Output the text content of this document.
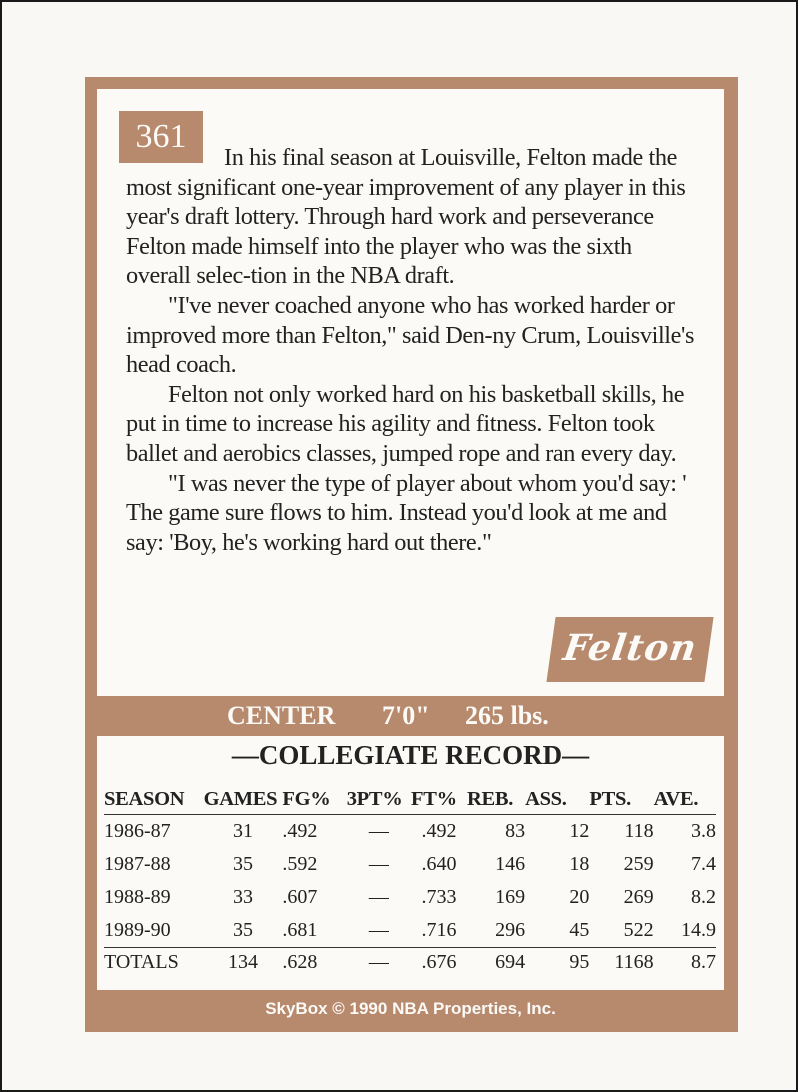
361

In his final season at Louisville, Felton made the most significant one-year improvement of any player in this year's draft lottery. Through hard work and perseverance Felton made himself into the player who was the sixth overall selec-tion in the NBA draft.

"I've never coached anyone who has worked harder or improved more than Felton," said Den-ny Crum, Louisville's head coach.

Felton not only worked hard on his basketball skills, he put in time to increase his agility and fitness. Felton took ballet and aerobics classes, jumped rope and ran every day.

"I was never the type of player about whom you'd say: ' The game sure flows to him. Instead you'd look at me and say: 'Boy, he's working hard out there."

Felton
CENTER 7'0" 265 lbs.
—COLLEGIATE RECORD—
SEASON	GAMES	FG%	3PT%	FT%	REB.	ASS.	PTS.	AVE.
1986-87	31	.492	—	.492	83	12	118	3.8
1987-88	35	.592	—	.640	146	18	259	7.4
1988-89	33	.607	—	.733	169	20	269	8.2
1989-90	35	.681	—	.716	296	45	522	14.9
TOTALS	134	.628	—	.676	694	95	1168	8.7
SkyBox © 1990 NBA Properties, Inc.
